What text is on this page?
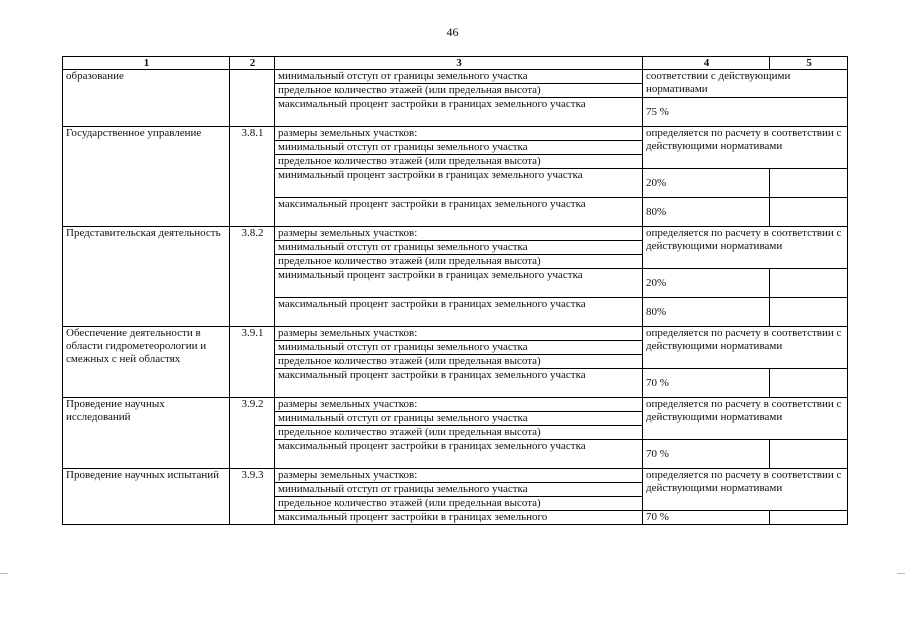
46
1	2	3	4	5
образование		минимальный отступ от границы земельного участка	соответствии с действующими нормативами	
		предельное количество этажей (или предельная высота)		
		максимальный процент застройки в границах земельного участка	75 %	
Государственное управление	3.8.1	размеры земельных участков:	определяется по расчету в соответствии с действующими нормативами	
		минимальный отступ от границы земельного участка		
		предельное количество этажей (или предельная высота)		
		минимальный процент застройки в границах земельного участка	20%	
		максимальный процент застройки в границах земельного участка	80%	
Представительская деятельность	3.8.2	размеры земельных участков:	определяется по расчету в соответствии с действующими нормативами	
		минимальный отступ от границы земельного участка		
		предельное количество этажей (или предельная высота)		
		минимальный процент застройки в границах земельного участка	20%	
		максимальный процент застройки в границах земельного участка	80%	
Обеспечение деятельности в области гидрометеорологии и смежных с ней областях	3.9.1	размеры земельных участков:	определяется по расчету в соответствии с действующими нормативами	
		минимальный отступ от границы земельного участка		
		предельное количество этажей (или предельная высота)		
		максимальный процент застройки в границах земельного участка	70 %	
Проведение научных исследований	3.9.2	размеры земельных участков:	определяется по расчету в соответствии с действующими нормативами	
		минимальный отступ от границы земельного участка		
		предельное количество этажей (или предельная высота)		
		максимальный процент застройки в границах земельного участка	70 %	
Проведение научных испытаний	3.9.3	размеры земельных участков:	определяется по расчету в соответствии с действующими нормативами	
		минимальный отступ от границы земельного участка		
		предельное количество этажей (или предельная высота)		
		максимальный процент застройки в границах земельного	70 %	
